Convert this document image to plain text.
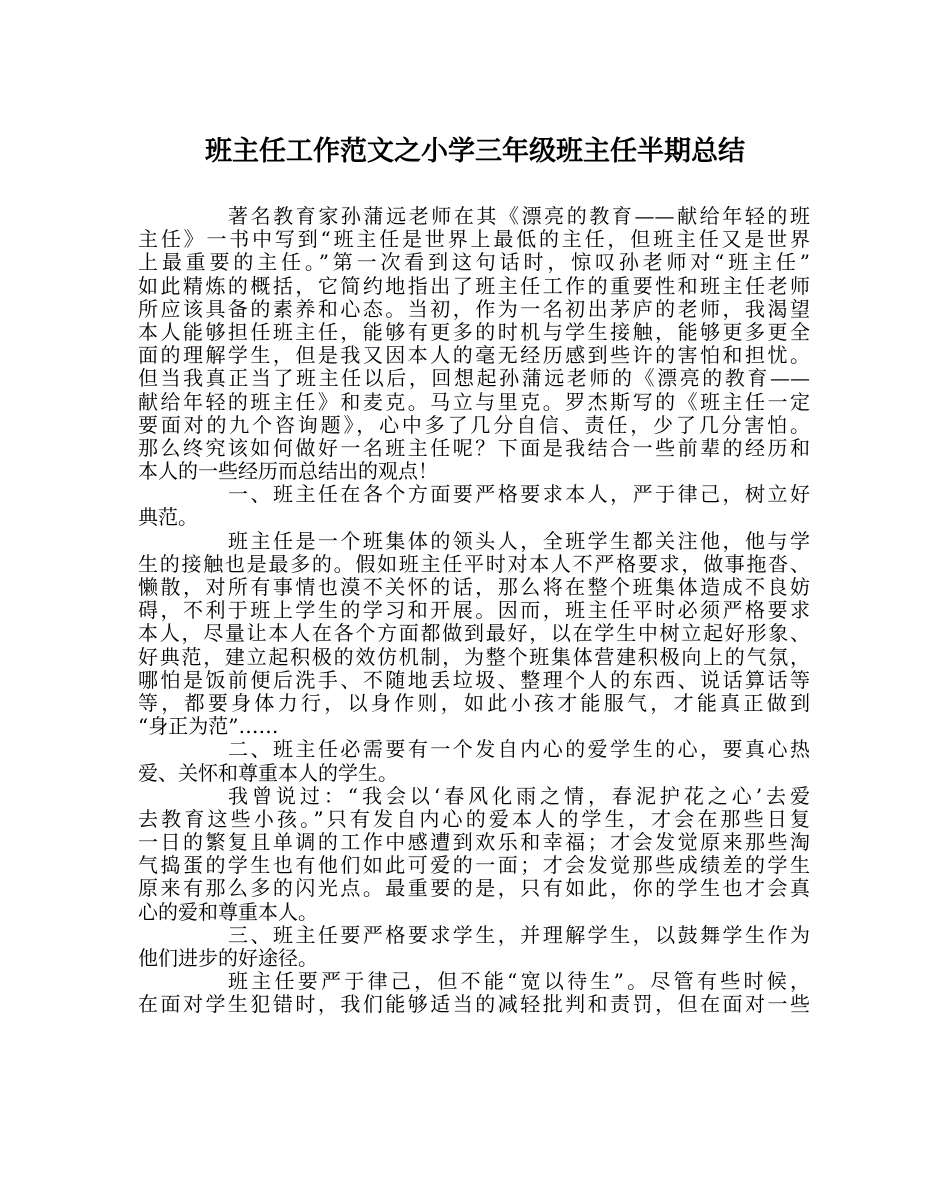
班主任工作范文之小学三年级班主任半期总结
著名教育家孙蒲远老师在其《漂亮的教育——献给年轻的班
主任》一书中写到“班主任是世界上最低的主任，但班主任又是世界
上最重要的主任。”第一次看到这句话时，惊叹孙老师对“班主任”
如此精炼的概括，它简约地指出了班主任工作的重要性和班主任老师
所应该具备的素养和心态。当初，作为一名初出茅庐的老师，我渴望
本人能够担任班主任，能够有更多的时机与学生接触，能够更多更全
面的理解学生，但是我又因本人的毫无经历感到些许的害怕和担忧。
但当我真正当了班主任以后，回想起孙蒲远老师的《漂亮的教育——
献给年轻的班主任》和麦克。马立与里克。罗杰斯写的《班主任一定
要面对的九个咨询题》，心中多了几分自信、责任，少了几分害怕。
那么终究该如何做好一名班主任呢？下面是我结合一些前辈的经历和
本人的一些经历而总结出的观点！
一、班主任在各个方面要严格要求本人，严于律己，树立好
典范。
班主任是一个班集体的领头人，全班学生都关注他，他与学
生的接触也是最多的。假如班主任平时对本人不严格要求，做事拖沓、
懒散，对所有事情也漠不关怀的话，那么将在整个班集体造成不良妨
碍，不利于班上学生的学习和开展。因而，班主任平时必须严格要求
本人，尽量让本人在各个方面都做到最好，以在学生中树立起好形象、
好典范，建立起积极的效仿机制，为整个班集体营建积极向上的气氛，
哪怕是饭前便后洗手、不随地丢垃圾、整理个人的东西、说话算话等
等，都要身体力行，以身作则，如此小孩才能服气，才能真正做到
“身正为范”……
二、班主任必需要有一个发自内心的爱学生的心，要真心热
爱、关怀和尊重本人的学生。
我曾说过：“我会以‘春风化雨之情，春泥护花之心’去爱
去教育这些小孩。”只有发自内心的爱本人的学生，才会在那些日复
一日的繁复且单调的工作中感遭到欢乐和幸福；才会发觉原来那些淘
气捣蛋的学生也有他们如此可爱的一面；才会发觉那些成绩差的学生
原来有那么多的闪光点。最重要的是，只有如此，你的学生也才会真
心的爱和尊重本人。
三、班主任要严格要求学生，并理解学生，以鼓舞学生作为
他们进步的好途径。
班主任要严于律己，但不能“宽以待生”。尽管有些时候，
在面对学生犯错时，我们能够适当的减轻批判和责罚，但在面对一些
